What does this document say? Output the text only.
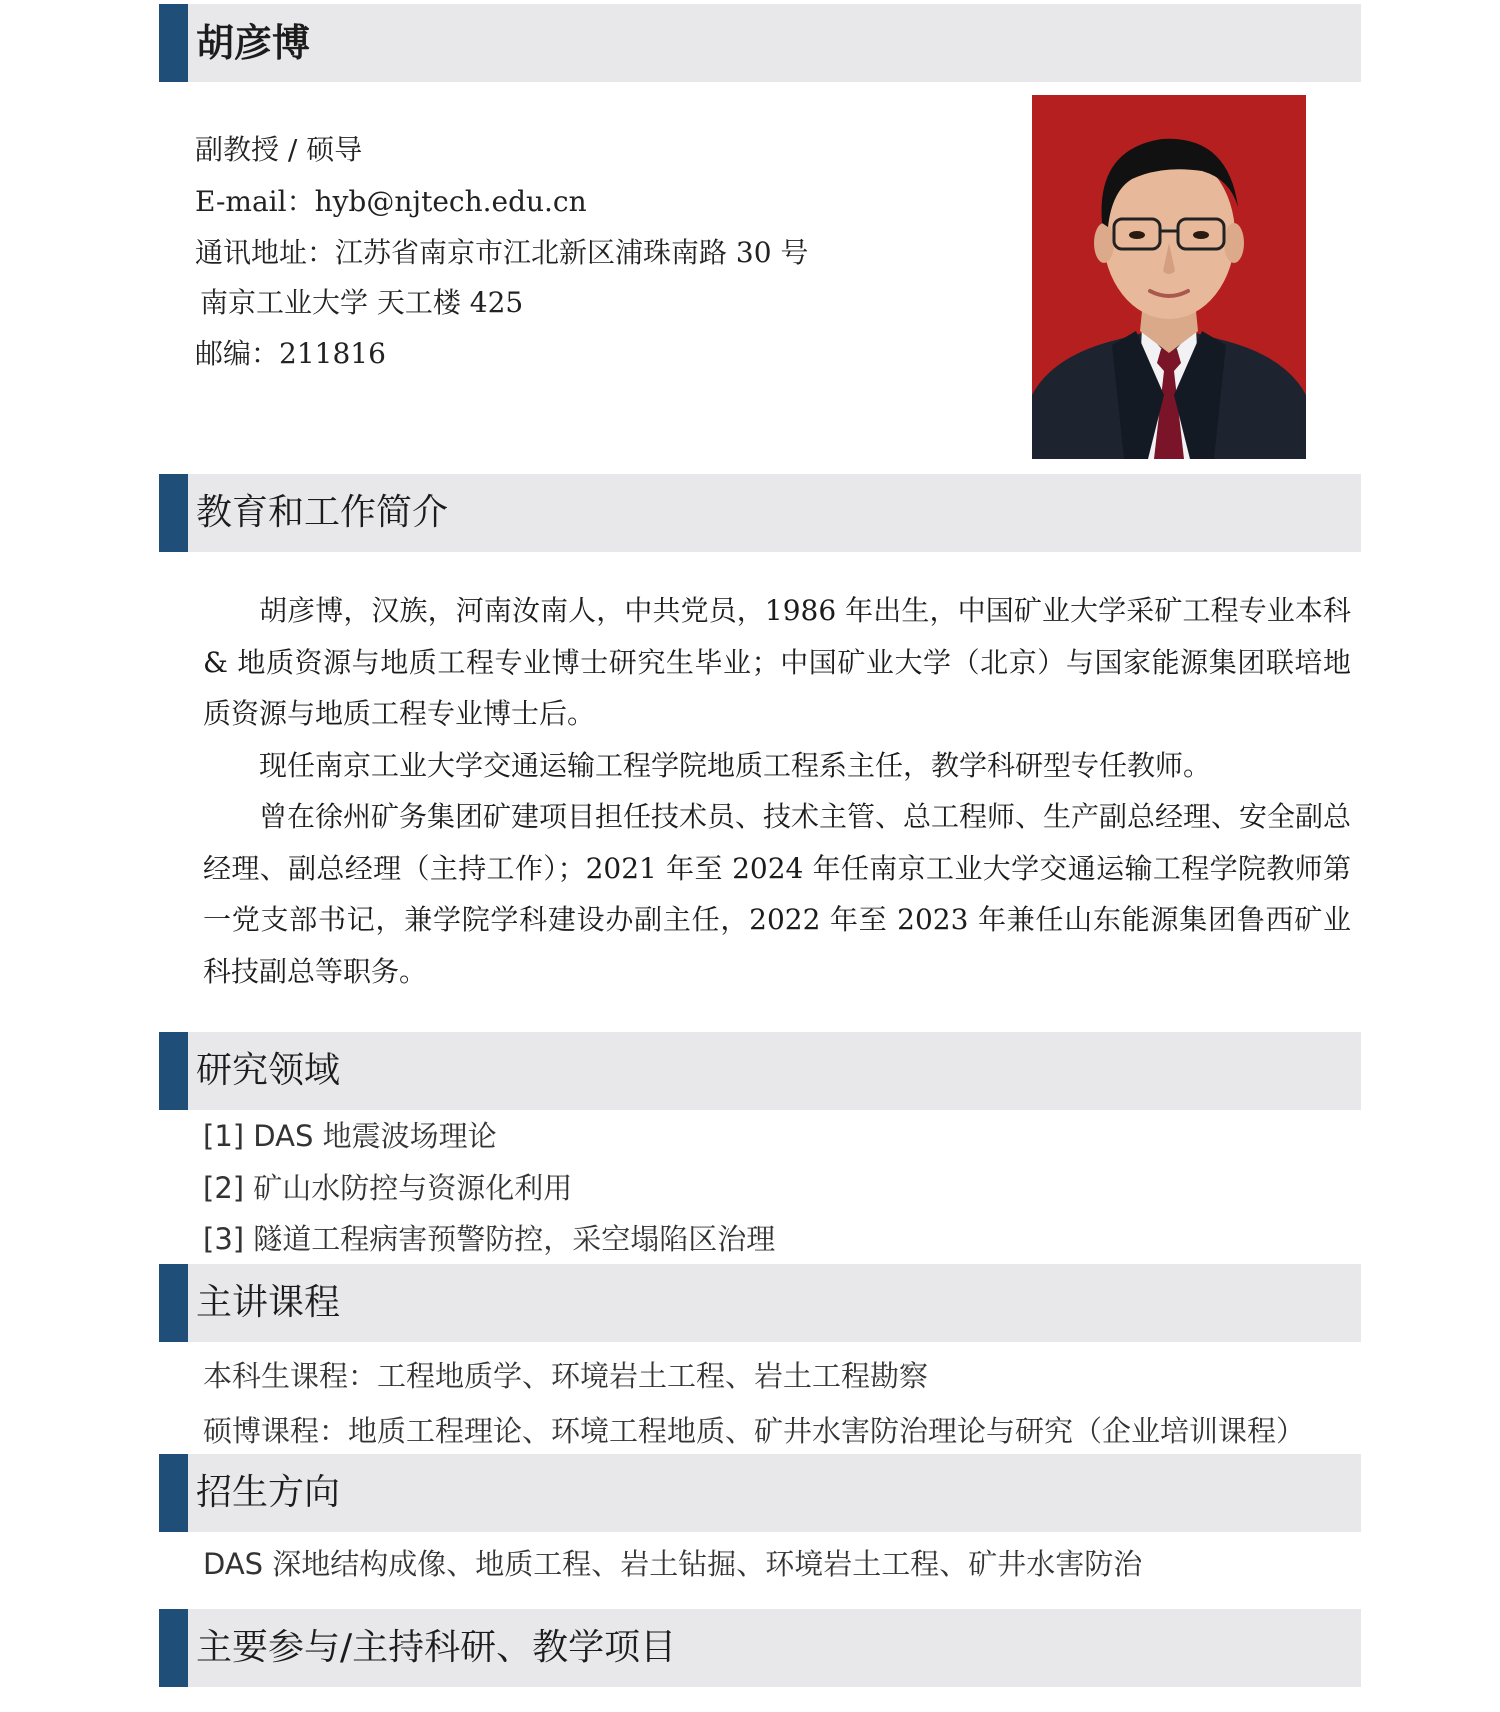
胡彦博
副教授 / 硕导
E-mail：hyb@njtech.edu.cn
通讯地址：江苏省南京市江北新区浦珠南路 30 号
南京工业大学 天工楼 425
邮编：211816
教育和工作简介

胡彦博，汉族，河南汝南人，中共党员，1986 年出生，中国矿业大学采矿工程专业本科 & 地质资源与地质工程专业博士研究生毕业；中国矿业大学（北京）与国家能源集团联培地质资源与地质工程专业博士后。

现任南京工业大学交通运输工程学院地质工程系主任，教学科研型专任教师。

曾在徐州矿务集团矿建项目担任技术员、技术主管、总工程师、生产副总经理、安全副总经理、副总经理（主持工作）；2021 年至 2024 年任南京工业大学交通运输工程学院教师第一党支部书记，兼学院学科建设办副主任，2022 年至 2023 年兼任山东能源集团鲁西矿业科技副总等职务。

研究领域
[1] DAS 地震波场理论
[2] 矿山水防控与资源化利用
[3] 隧道工程病害预警防控，采空塌陷区治理
主讲课程
本科生课程：工程地质学、环境岩土工程、岩土工程勘察
硕博课程：地质工程理论、环境工程地质、矿井水害防治理论与研究（企业培训课程）
招生方向
DAS 深地结构成像、地质工程、岩土钻掘、环境岩土工程、矿井水害防治
主要参与/主持科研、教学项目
